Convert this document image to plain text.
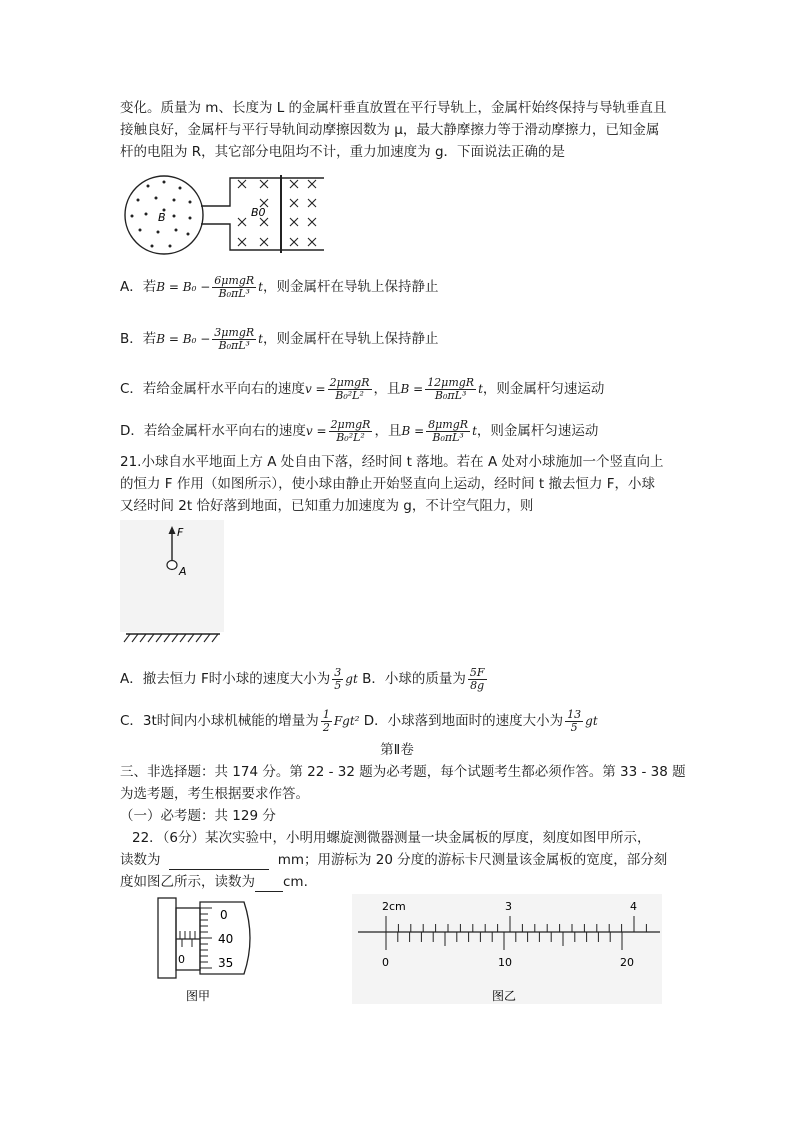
变化。质量为 m、长度为 L 的金属杆垂直放置在平行导轨上，金属杆始终保持与导轨垂直且
接触良好，金属杆与平行导轨间动摩擦因数为 μ，最大静摩擦力等于滑动摩擦力，已知金属
杆的电阻为 R，其它部分电阻均不计，重力加速度为 g．下面说法正确的是
B	B0
A．若$B = B_0 - \frac{\text{6μmgR}}{\text{B₀πL³}}$ t，则金属杆在导轨上保持静止
B．若$B = B_0 - \frac{\text{3μmgR}}{\text{B₀πL³}}$ t，则金属杆在导轨上保持静止
C．若给金属杆水平向右的速度$v = \frac{\text{2μmgR}}{\text{B₀²L²}}$ ，且$B = \frac{\text{12μmgR}}{\text{B₀πL³}}$ t，则金属杆匀速运动
D．若给金属杆水平向右的速度$v = \frac{\text{2μmgR}}{\text{B₀²L²}}$ ，且$B = \frac{\text{8μmgR}}{\text{B₀πL³}}$ t，则金属杆匀速运动
21.小球自水平地面上方 A 处自由下落，经时间 t 落地。若在 A 处对小球施加一个竖直向上
的恒力 F 作用（如图所示），使小球由静止开始竖直向上运动，经时间 t 撤去恒力 F，小球
又经时间 2t 恰好落到地面，已知重力加速度为 g，不计空气阻力，则
F
A
A．撤去恒力 F时小球的速度大小为 $\frac{3}{5}$ gt B．小球的质量为 $\frac{5F}{8g}$
C．3t时间内小球机械能的增量为 $\frac{1}{2} Fgt^2$ D．小球落到地面时的速度大小为 $\frac{13}{5}$ gt
第Ⅱ卷
三、非选择题：共 174 分。第 22 - 32 题为必考题，每个试题考生都必须作答。第 33 - 38 题
为选考题，考生根据要求作答。
（一）必考题：共 129 分
22．（6分）某次实验中，小明用螺旋测微器测量一块金属板的厚度，刻度如图甲所示，
读数为	mm；用游标为 20 分度的游标卡尺测量该金属板的宽度，部分刻
度如图乙所示，读数为 cm.
0
0
40
35
图甲
2cm	3	4
0	10	20
图乙
